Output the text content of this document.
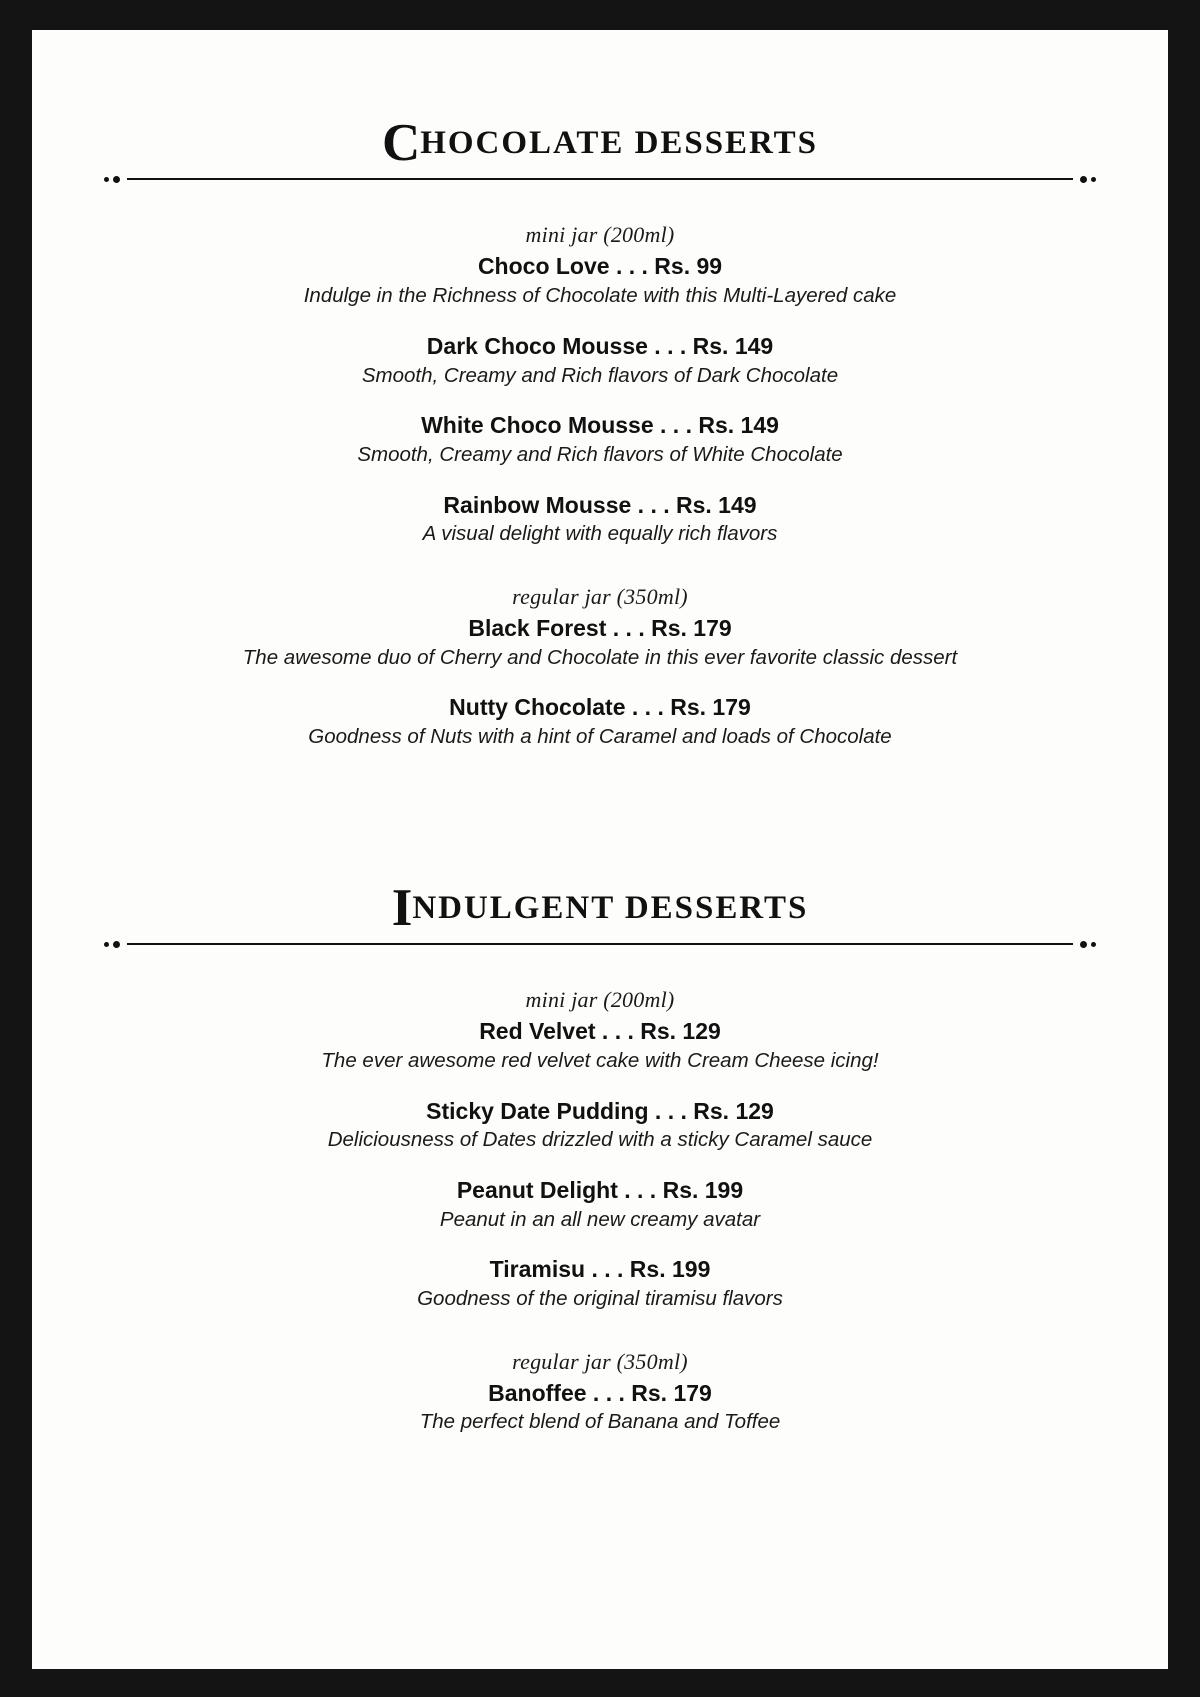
CHOCOLATE DESSERTS
mini jar (200ml)
Choco Love . . . Rs. 99
Indulge in the Richness of Chocolate with this Multi-Layered cake
Dark Choco Mousse . . . Rs. 149
Smooth, Creamy and Rich flavors of Dark Chocolate
White Choco Mousse . . . Rs. 149
Smooth, Creamy and Rich flavors of White Chocolate
Rainbow Mousse . . . Rs. 149
A visual delight with equally rich flavors
regular jar (350ml)
Black Forest . . . Rs. 179
The awesome duo of Cherry and Chocolate in this ever favorite classic dessert
Nutty Chocolate . . . Rs. 179
Goodness of Nuts with a hint of Caramel and loads of Chocolate
INDULGENT DESSERTS
mini jar (200ml)
Red Velvet . . . Rs. 129
The ever awesome red velvet cake with Cream Cheese icing!
Sticky Date Pudding . . . Rs. 129
Deliciousness of Dates drizzled with a sticky Caramel sauce
Peanut Delight . . . Rs. 199
Peanut in an all new creamy avatar
Tiramisu . . . Rs. 199
Goodness of the original tiramisu flavors
regular jar (350ml)
Banoffee . . . Rs. 179
The perfect blend of Banana and Toffee
